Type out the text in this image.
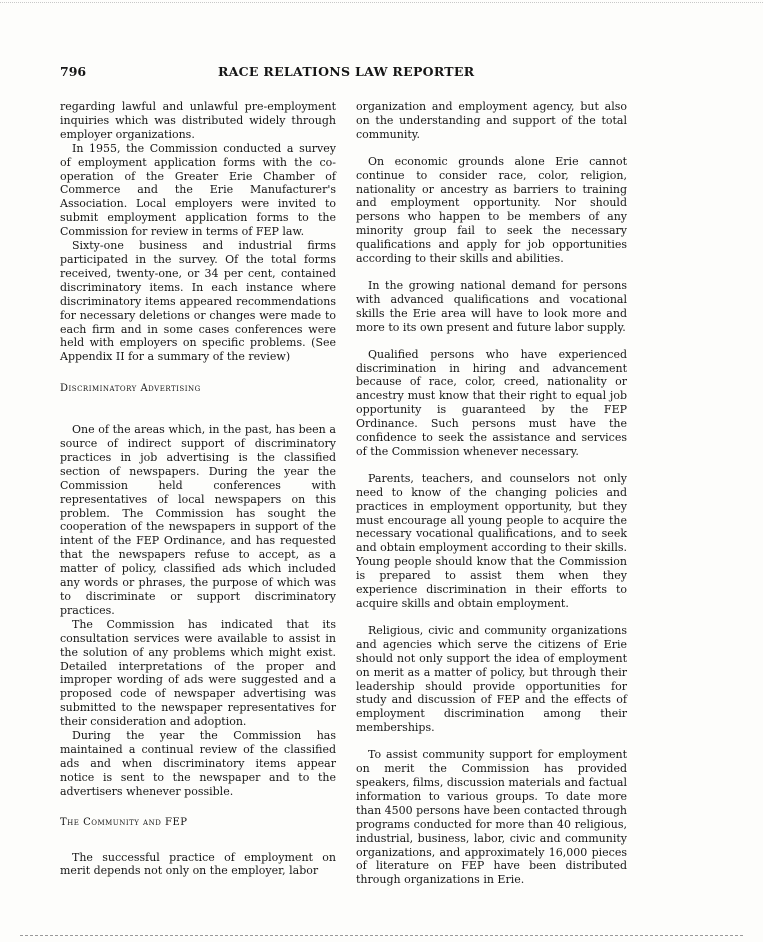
796	RACE RELATIONS LAW REPORTER

regarding lawful and unlawful pre-employment inquiries which was distributed widely through employer organizations.

In 1955, the Commission conducted a survey of employment application forms with the co-operation of the Greater Erie Chamber of Commerce and the Erie Manufacturer's Association. Local employers were invited to submit employment application forms to the Commission for review in terms of FEP law.

Sixty-one business and industrial firms participated in the survey. Of the total forms received, twenty-one, or 34 per cent, contained discriminatory items. In each instance where discriminatory items appeared recommendations for necessary deletions or changes were made to each firm and in some cases conferences were held with employers on specific problems. (See Appendix II for a summary of the review)

Discriminatory Advertising

One of the areas which, in the past, has been a source of indirect support of discriminatory practices in job advertising is the classified section of newspapers. During the year the Commission held conferences with representatives of local newspapers on this problem. The Commission has sought the cooperation of the newspapers in support of the intent of the FEP Ordinance, and has requested that the newspapers refuse to accept, as a matter of policy, classified ads which included any words or phrases, the purpose of which was to discriminate or support discriminatory practices.

The Commission has indicated that its consultation services were available to assist in the solution of any problems which might exist. Detailed interpretations of the proper and improper wording of ads were suggested and a proposed code of newspaper advertising was submitted to the newspaper representatives for their consideration and adoption.

During the year the Commission has maintained a continual review of the classified ads and when discriminatory items appear notice is sent to the newspaper and to the advertisers whenever possible.

The Community and FEP

The successful practice of employment on merit depends not only on the employer, labor

organization and employment agency, but also on the understanding and support of the total community.

On economic grounds alone Erie cannot continue to consider race, color, religion, nationality or ancestry as barriers to training and employment opportunity. Nor should persons who happen to be members of any minority group fail to seek the necessary qualifications and apply for job opportunities according to their skills and abilities.

In the growing national demand for persons with advanced qualifications and vocational skills the Erie area will have to look more and more to its own present and future labor supply.

Qualified persons who have experienced discrimination in hiring and advancement because of race, color, creed, nationality or ancestry must know that their right to equal job opportunity is guaranteed by the FEP Ordinance. Such persons must have the confidence to seek the assistance and services of the Commission whenever necessary.

Parents, teachers, and counselors not only need to know of the changing policies and practices in employment opportunity, but they must encourage all young people to acquire the necessary vocational qualifications, and to seek and obtain employment according to their skills. Young people should know that the Commission is prepared to assist them when they experience discrimination in their efforts to acquire skills and obtain employment.

Religious, civic and community organizations and agencies which serve the citizens of Erie should not only support the idea of employment on merit as a matter of policy, but through their leadership should provide opportunities for study and discussion of FEP and the effects of employment discrimination among their memberships.

To assist community support for employment on merit the Commission has provided speakers, films, discussion materials and factual information to various groups. To date more than 4500 persons have been contacted through programs conducted for more than 40 religious, industrial, business, labor, civic and community organizations, and approximately 16,000 pieces of literature on FEP have been distributed through organizations in Erie.
